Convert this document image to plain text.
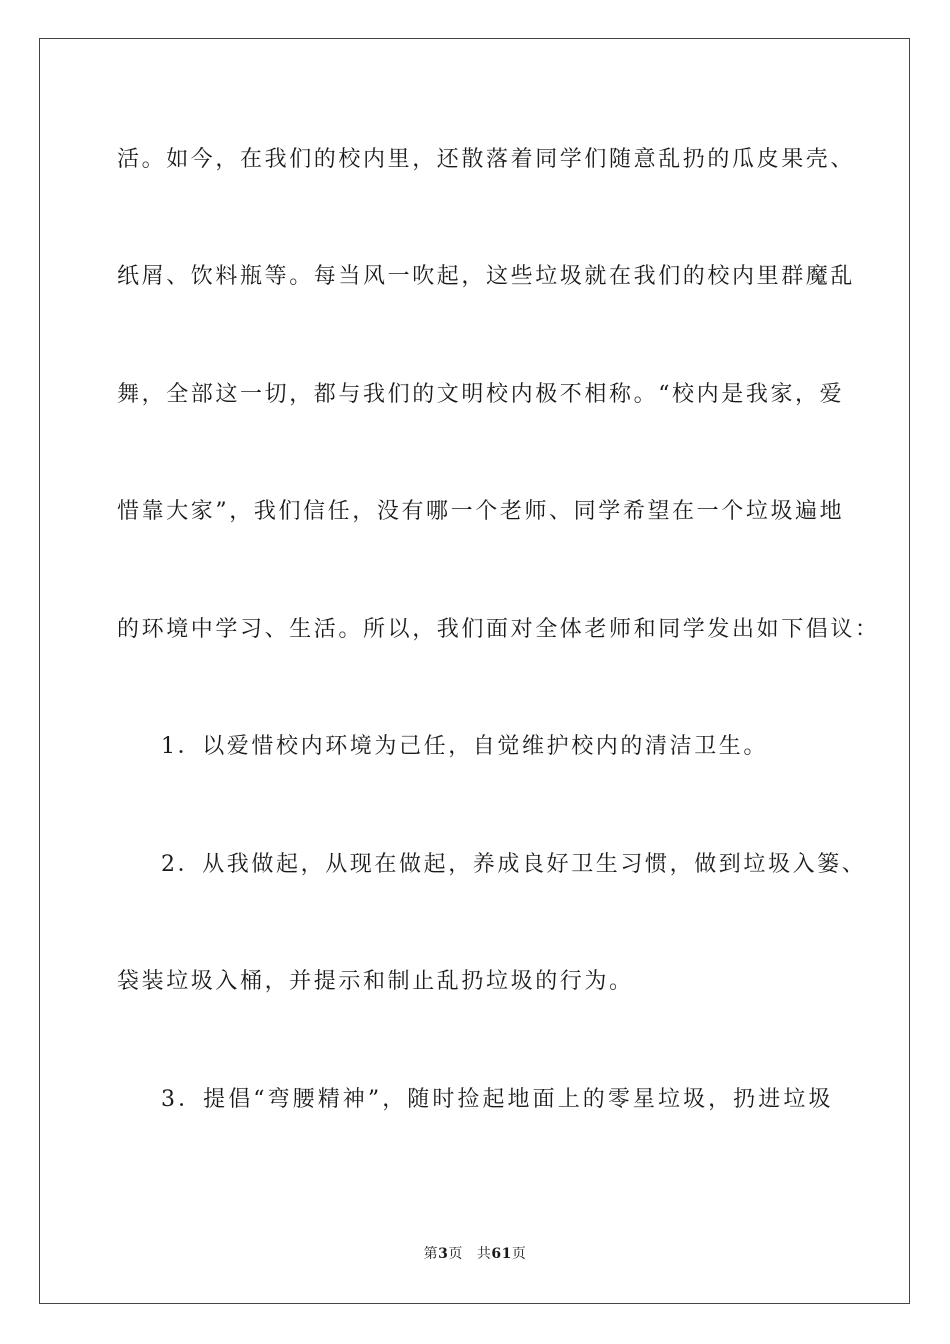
活。如今，在我们的校内里，还散落着同学们随意乱扔的瓜皮果壳、
纸屑、饮料瓶等。每当风一吹起，这些垃圾就在我们的校内里群魔乱
舞，全部这一切，都与我们的文明校内极不相称。“校内是我家，爱
惜靠大家”，我们信任，没有哪一个老师、同学希望在一个垃圾遍地
的环境中学习、生活。所以，我们面对全体老师和同学发出如下倡议：
1．以爱惜校内环境为己任，自觉维护校内的清洁卫生。
2．从我做起，从现在做起，养成良好卫生习惯，做到垃圾入篓、
袋装垃圾入桶，并提示和制止乱扔垃圾的行为。
3．提倡“弯腰精神”，随时捡起地面上的零星垃圾，扔进垃圾
第3页 共61页
